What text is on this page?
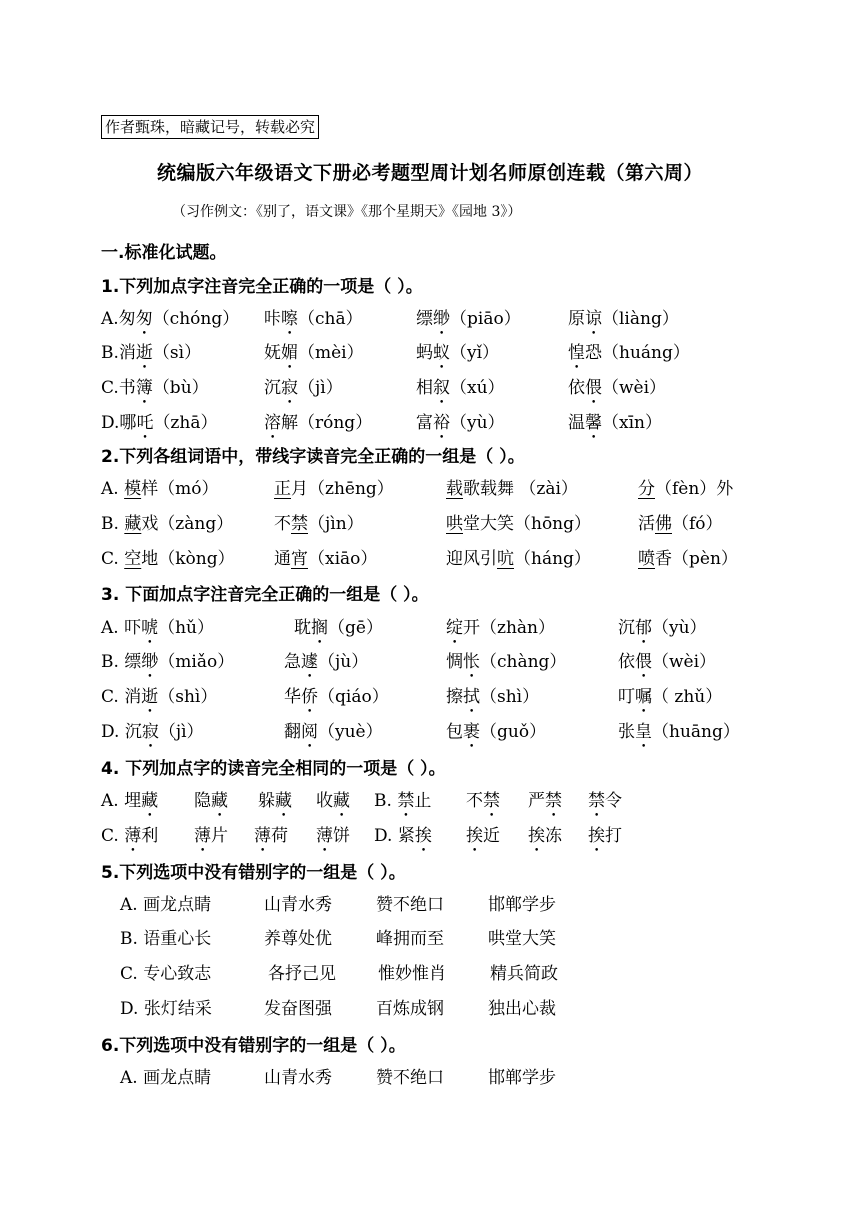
作者甄珠，暗藏记号，转载必究
统编版六年级语文下册必考题型周计划名师原创连载（第六周）
（习作例文：《别了，语文课》《那个星期天》《园地 3》）
一.标准化试题。
1.下列加点字注音完全正确的一项是（ ）。
A.匆匆（chóng） 咔嚓（chā）	缥缈（piāo）	原谅（liàng）
B.消逝（sì）	妩媚（mèi）	蚂蚁（yǐ）	惶恐（huáng）
C.书簿（bù）	沉寂（jì）	相叙（xú）	依偎（wèi）
D.哪吒（zhā）	溶解（róng）	富裕（yù）	温馨（xīn）
2.下列各组词语中，带线字读音完全正确的一组是（ ）。
A. 模样（mó）	正月（zhēng）	载歌载舞 （zài）	分（fèn）外
B. 藏戏（zàng） 不禁（jìn）	哄堂大笑（hōng）	活佛（fó）
C. 空地（kòng） 通宵（xiāo）	迎风引吭（háng）	喷香（pèn）
3. 下面加点字注音完全正确的一组是（ ）。
A. 吓唬（hǔ）	耽搁（gē）	绽开（zhàn）	沉郁（yù）
B. 缥缈（miǎo）	急遽（jù）	惆怅（chàng）	依偎（wèi）
C. 消逝（shì）	华侨（qiáo）	擦拭（shì）	叮嘱（ zhǔ）
D. 沉寂（jì）	翻阅（yuè）	包裹（guǒ）	张皇（huāng）
4. 下列加点字的读音完全相同的一项是（ ）。
A. 埋藏 隐藏 躲藏 收藏 B. 禁止 不禁 严禁 禁令
C. 薄利 薄片 薄荷 薄饼 D. 紧挨 挨近 挨冻 挨打
5.下列选项中没有错别字的一组是（ ）。
A. 画龙点睛	山青水秀	赞不绝口	邯郸学步
B. 语重心长	养尊处优	峰拥而至	哄堂大笑
C. 专心致志	各抒己见 惟妙惟肖	精兵简政
D. 张灯结采	发奋图强	百炼成钢	独出心裁
6.下列选项中没有错别字的一组是（ ）。
A. 画龙点睛	山青水秀	赞不绝口	邯郸学步
